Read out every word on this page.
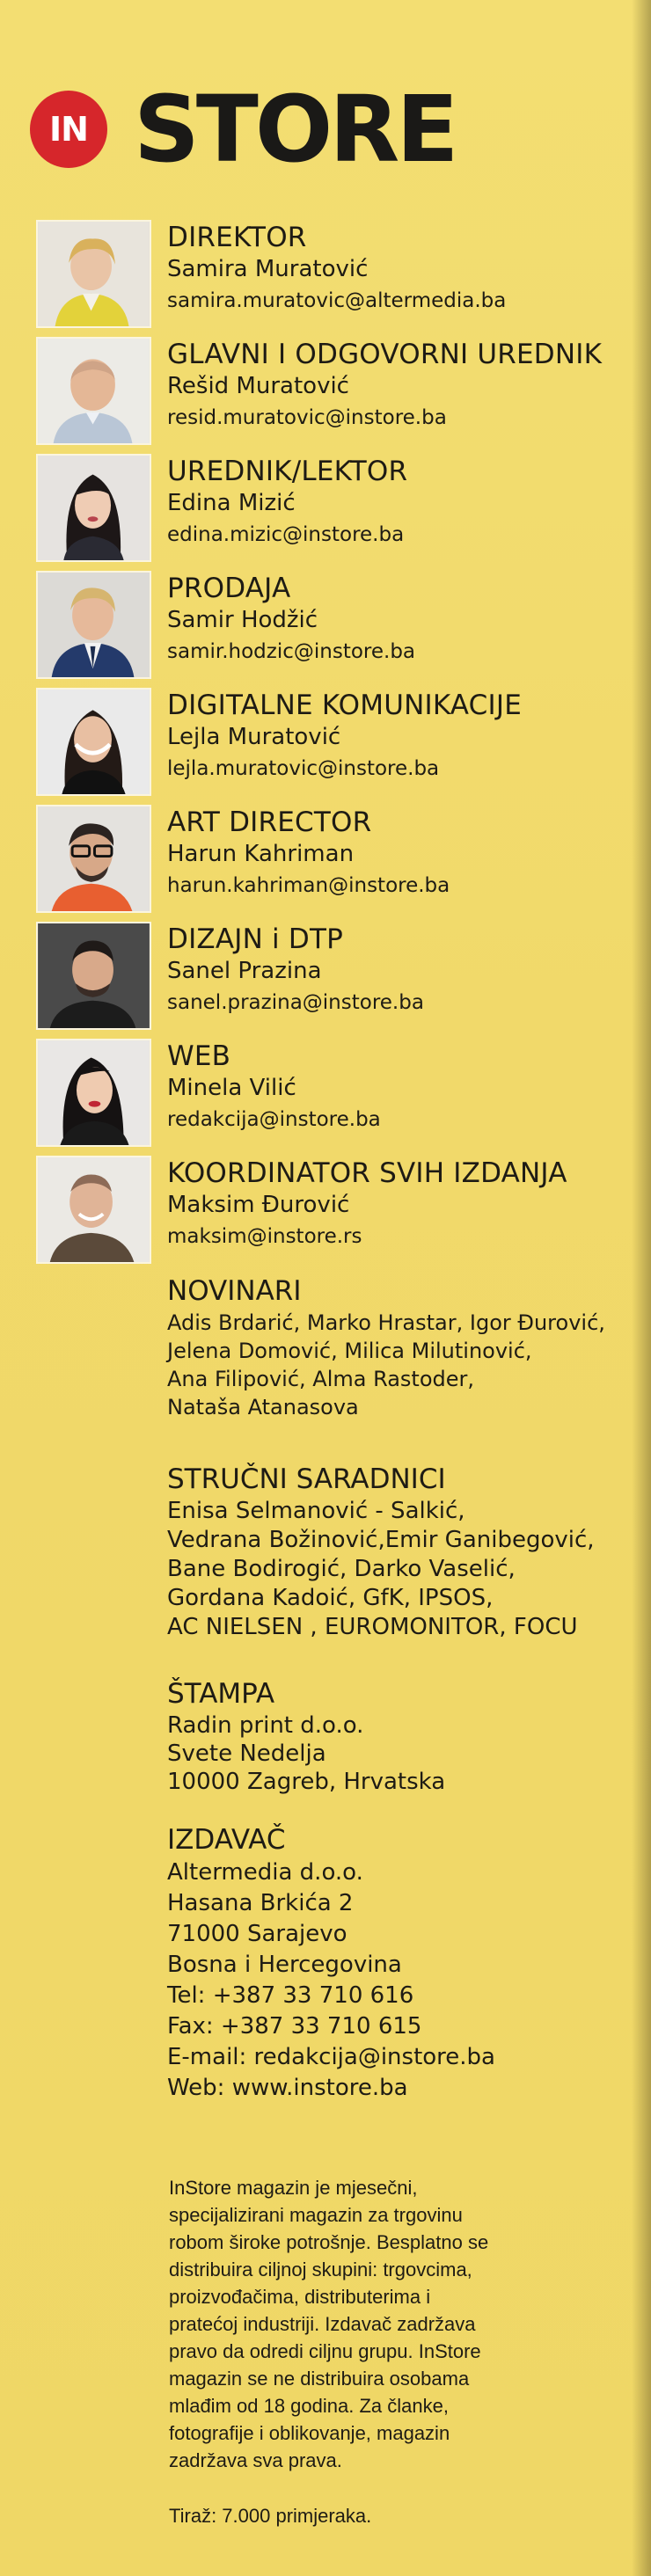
IN STORE
DIREKTOR
Samira Muratović
samira.muratovic@altermedia.ba
GLAVNI I ODGOVORNI UREDNIK
Rešid Muratović
resid.muratovic@instore.ba
UREDNIK/LEKTOR
Edina Mizić
edina.mizic@instore.ba
PRODAJA
Samir Hodžić
samir.hodzic@instore.ba
DIGITALNE KOMUNIKACIJE
Lejla Muratović
lejla.muratovic@instore.ba
ART DIRECTOR
Harun Kahriman
harun.kahriman@instore.ba
DIZAJN i DTP
Sanel Prazina
sanel.prazina@instore.ba
WEB
Minela Vilić
redakcija@instore.ba
KOORDINATOR SVIH IZDANJA
Maksim Đurović
maksim@instore.rs
NOVINARI
Adis Brdarić, Marko Hrastar, Igor Đurović,
Jelena Domović, Milica Milutinović,
Ana Filipović, Alma Rastoder,
Nataša Atanasova
STRUČNI SARADNICI
Enisa Selmanović - Salkić,
Vedrana Božinović,Emir Ganibegović,
Bane Bodirogić, Darko Vaselić,
Gordana Kadoić, GfK, IPSOS,
AC NIELSEN , EUROMONITOR, FOCU
ŠTAMPA
Radin print d.o.o.
Svete Nedelja
10000 Zagreb, Hrvatska
IZDAVAČ
Altermedia d.o.o.
Hasana Brkića 2
71000 Sarajevo
Bosna i Hercegovina
Tel: +387 33 710 616
Fax: +387 33 710 615
E-mail: redakcija@instore.ba
Web: www.instore.ba

InStore magazin je mjesečni,

specijalizirani magazin za trgovinu

robom široke potrošnje. Besplatno se

distribuira ciljnoj skupini: trgovcima,

proizvođačima, distributerima i

pratećoj industriji. Izdavač zadržava

pravo da odredi ciljnu grupu. InStore

magazin se ne distribuira osobama

mlađim od 18 godina. Za članke,

fotografije i oblikovanje, magazin

zadržava sva prava.

Tiraž: 7.000 primjeraka.
